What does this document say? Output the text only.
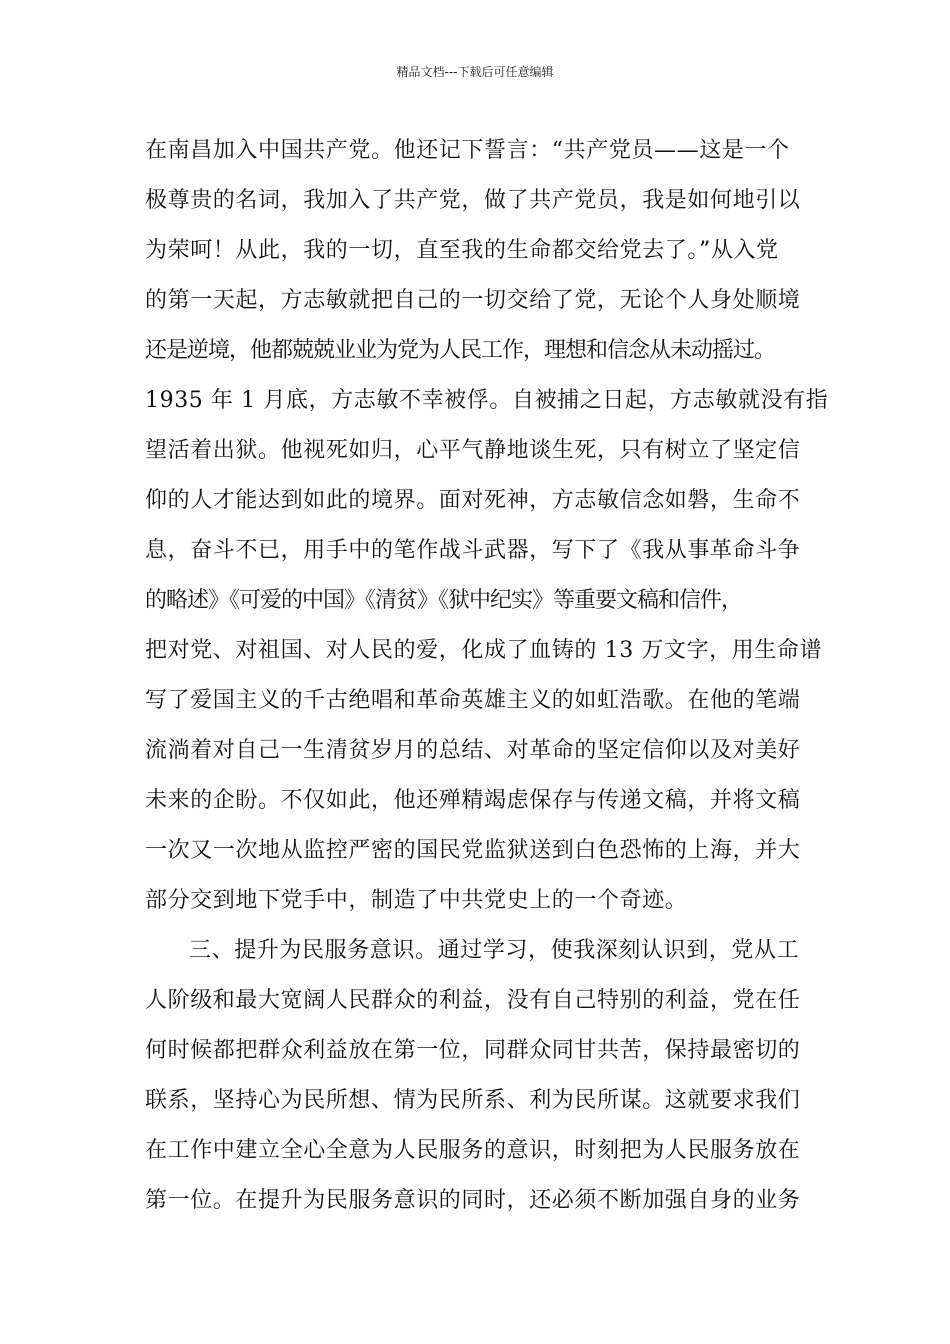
精品文档---下载后可任意编辑
在南昌加入中国共产党。他还记下誓言：“共产党员——这是一个
极尊贵的名词，我加入了共产党，做了共产党员，我是如何地引以
为荣呵！从此，我的一切，直至我的生命都交给党去了。”从入党
的第一天起，方志敏就把自己的一切交给了党，无论个人身处顺境
还是逆境，他都兢兢业业为党为人民工作，理想和信念从未动摇过。
1935 年 1 月底，方志敏不幸被俘。自被捕之日起，方志敏就没有指
望活着出狱。他视死如归，心平气静地谈生死，只有树立了坚定信
仰的人才能达到如此的境界。面对死神，方志敏信念如磐，生命不
息，奋斗不已，用手中的笔作战斗武器，写下了《我从事革命斗争
的略述》《可爱的中国》《清贫》《狱中纪实》等重要文稿和信件，
把对党、对祖国、对人民的爱，化成了血铸的 13 万文字，用生命谱
写了爱国主义的千古绝唱和革命英雄主义的如虹浩歌。在他的笔端
流淌着对自己一生清贫岁月的总结、对革命的坚定信仰以及对美好
未来的企盼。不仅如此，他还殚精竭虑保存与传递文稿，并将文稿
一次又一次地从监控严密的国民党监狱送到白色恐怖的上海，并大
部分交到地下党手中，制造了中共党史上的一个奇迹。
三、提升为民服务意识。通过学习，使我深刻认识到，党从工
人阶级和最大宽阔人民群众的利益，没有自己特别的利益，党在任
何时候都把群众利益放在第一位，同群众同甘共苦，保持最密切的
联系，坚持心为民所想、情为民所系、利为民所谋。这就要求我们
在工作中建立全心全意为人民服务的意识，时刻把为人民服务放在
第一位。在提升为民服务意识的同时，还必须不断加强自身的业务
